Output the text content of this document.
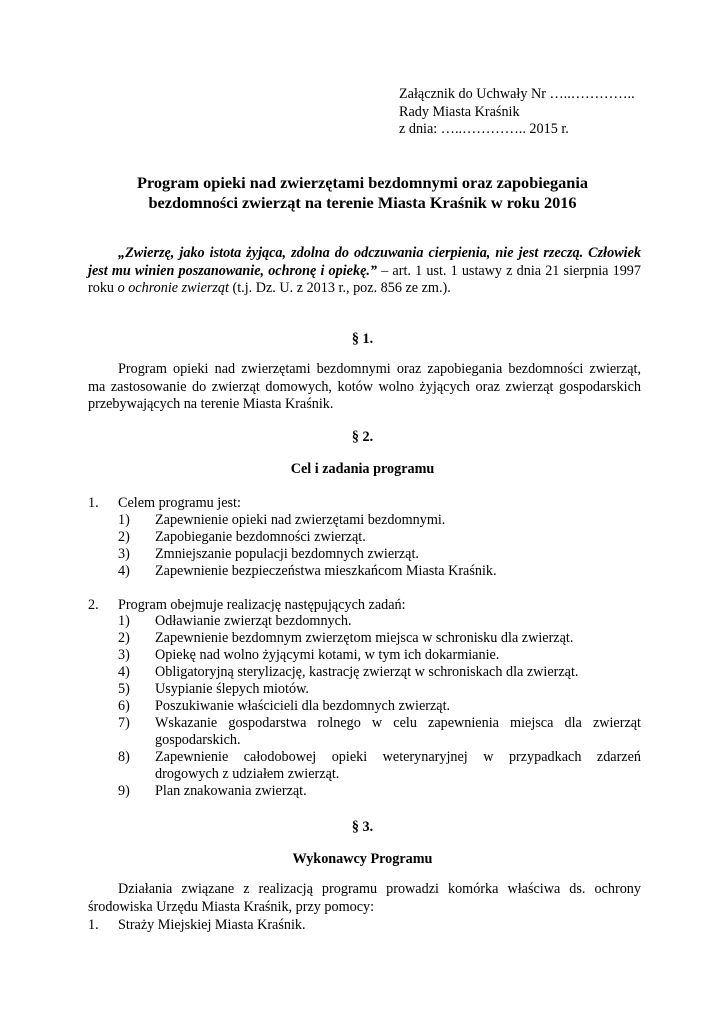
Załącznik do Uchwały Nr …..…………..
Rady Miasta Kraśnik
z dnia: …..………….. 2015 r.
Program opieki nad zwierzętami bezdomnymi oraz zapobiegania
bezdomności zwierząt na terenie Miasta Kraśnik w roku 2016
„Zwierzę, jako istota żyjąca, zdolna do odczuwania cierpienia, nie jest rzeczą. Człowiek jest mu winien poszanowanie, ochronę i opiekę.” – art. 1 ust. 1 ustawy z dnia 21 sierpnia 1997 roku o ochronie zwierząt (t.j. Dz. U. z 2013 r., poz. 856 ze zm.).
§ 1.
Program opieki nad zwierzętami bezdomnymi oraz zapobiegania bezdomności zwierząt, ma zastosowanie do zwierząt domowych, kotów wolno żyjących oraz zwierząt gospodarskich przebywających na terenie Miasta Kraśnik.
§ 2.
Cel i zadania programu
1. Celem programu jest:
1) Zapewnienie opieki nad zwierzętami bezdomnymi.
2) Zapobieganie bezdomności zwierząt.
3) Zmniejszanie populacji bezdomnych zwierząt.
4) Zapewnienie bezpieczeństwa mieszkańcom Miasta Kraśnik.
2. Program obejmuje realizację następujących zadań:
1) Odławianie zwierząt bezdomnych.
2) Zapewnienie bezdomnym zwierzętom miejsca w schronisku dla zwierząt.
3) Opiekę nad wolno żyjącymi kotami, w tym ich dokarmianie.
4) Obligatoryjną sterylizację, kastrację zwierząt w schroniskach dla zwierząt.
5) Usypianie ślepych miotów.
6) Poszukiwanie właścicieli dla bezdomnych zwierząt.
7) Wskazanie gospodarstwa rolnego w celu zapewnienia miejsca dla zwierząt
gospodarskich.
8) Zapewnienie całodobowej opieki weterynaryjnej w przypadkach zdarzeń
drogowych z udziałem zwierząt.
9) Plan znakowania zwierząt.
§ 3.
Wykonawcy Programu
Działania związane z realizacją programu prowadzi komórka właściwa ds. ochrony środowiska Urzędu Miasta Kraśnik, przy pomocy:
1. Straży Miejskiej Miasta Kraśnik.
